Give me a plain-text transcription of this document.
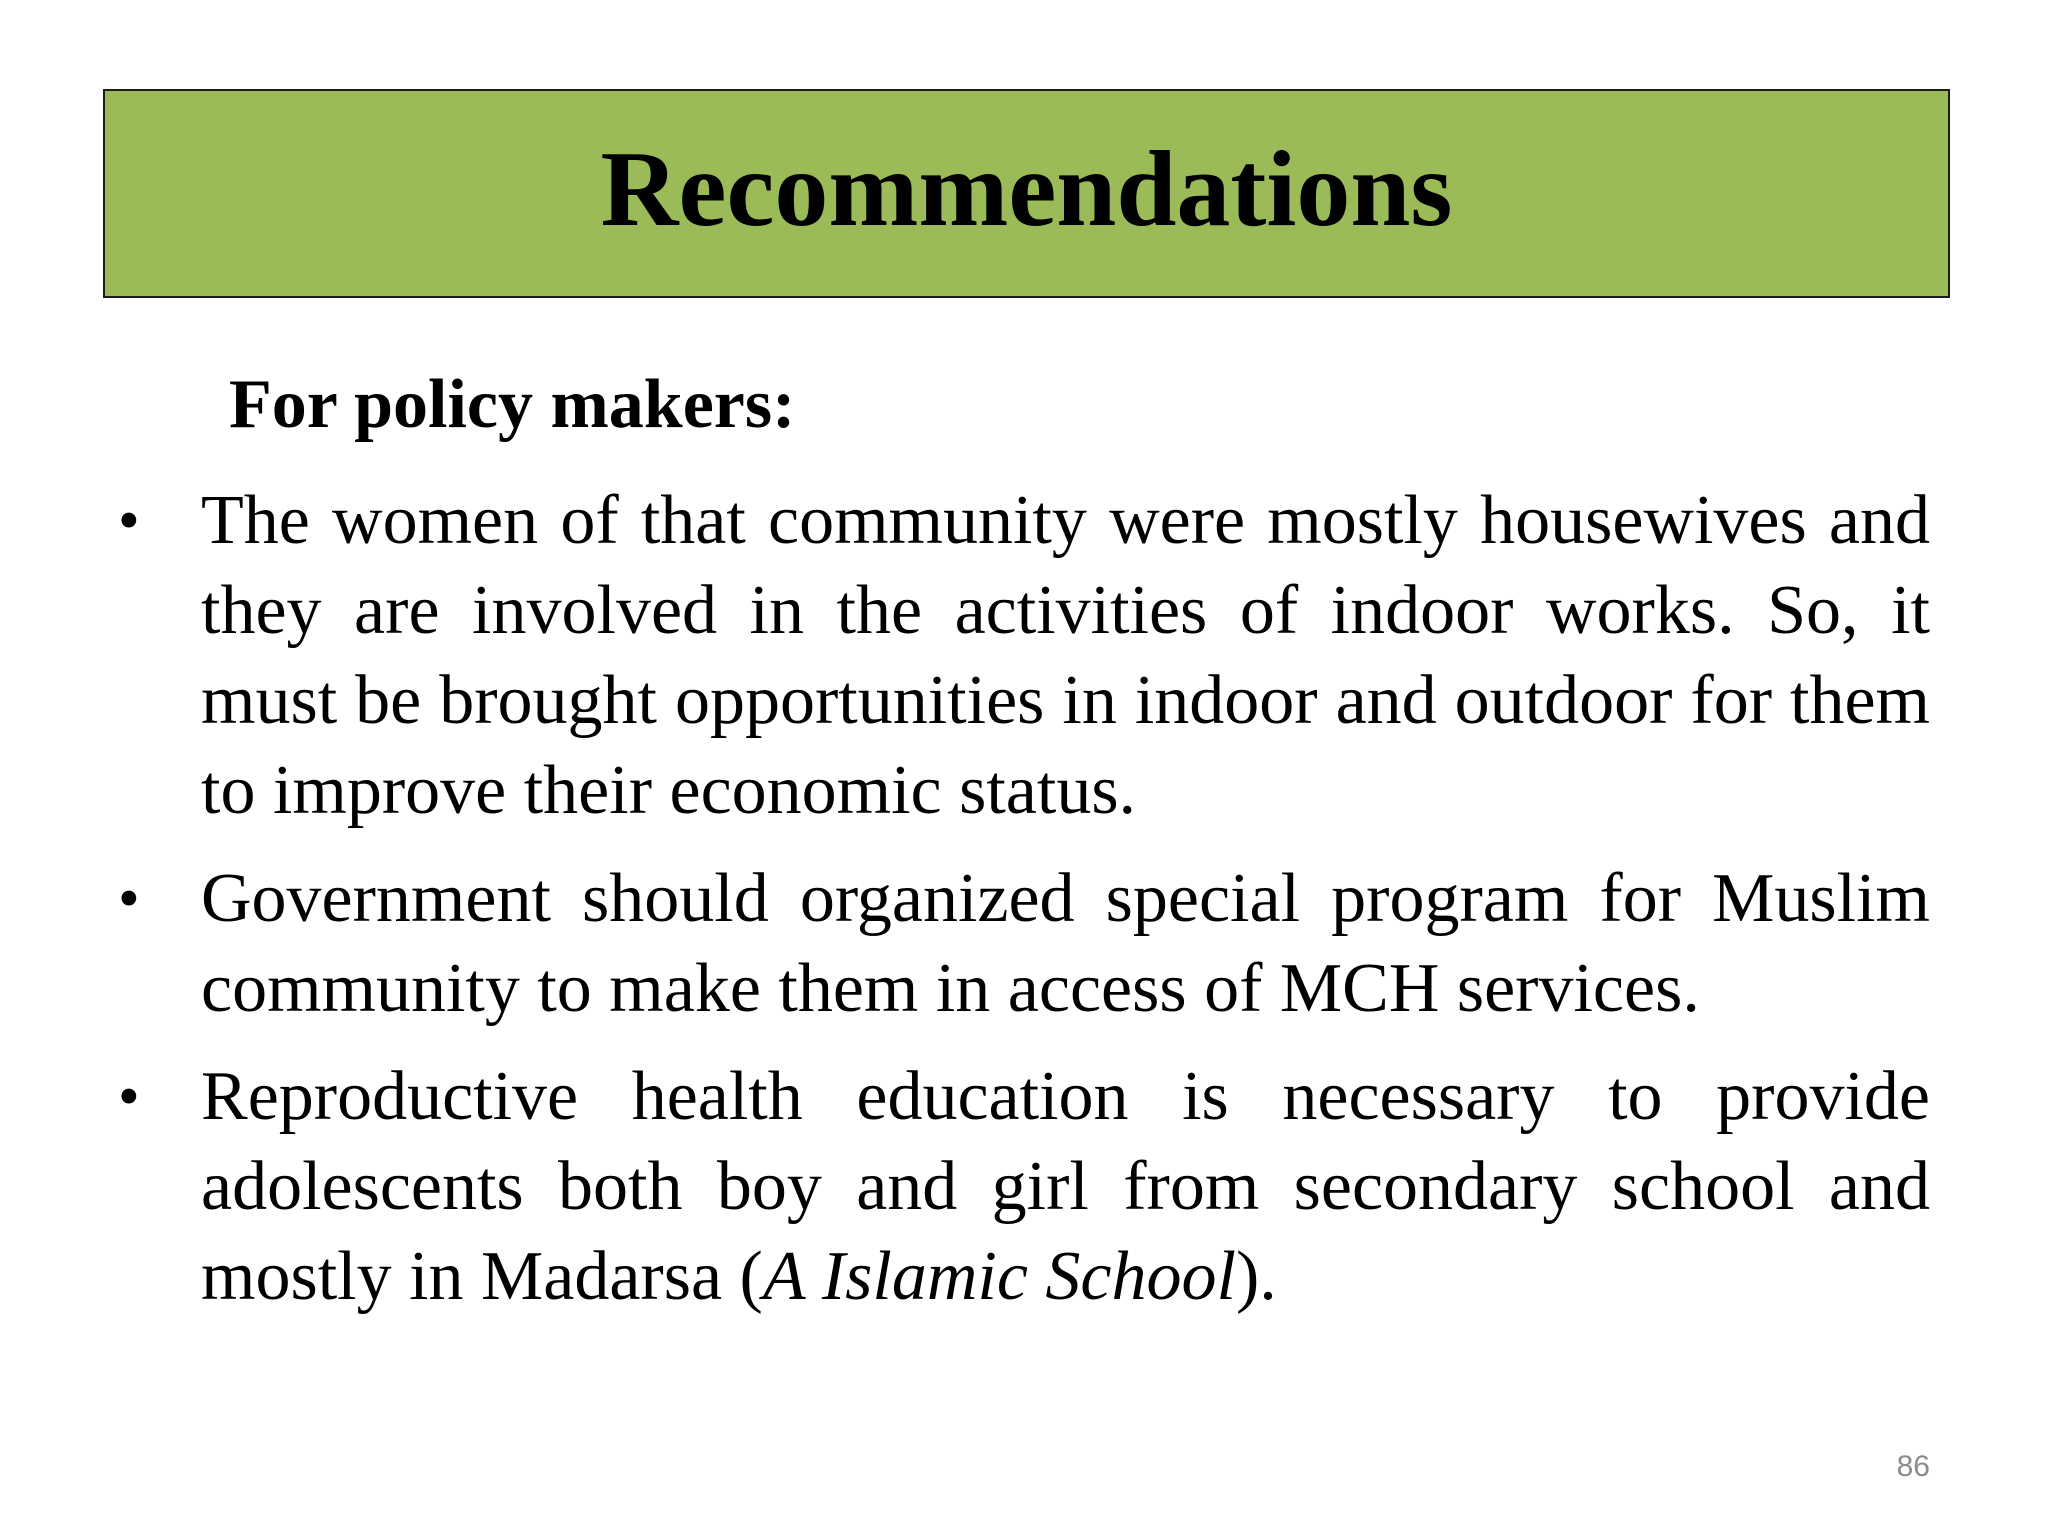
Recommendations
For policy makers:
• The women of that community were mostly housewives and they are involved in the activities of indoor works. So, it must be brought opportunities in indoor and outdoor for them to improve their economic status.
• Government should organized special program for Muslim community to make them in access of MCH services.
• Reproductive health education is necessary to provide adolescents both boy and girl from secondary school and mostly in Madarsa (A Islamic School).
86
